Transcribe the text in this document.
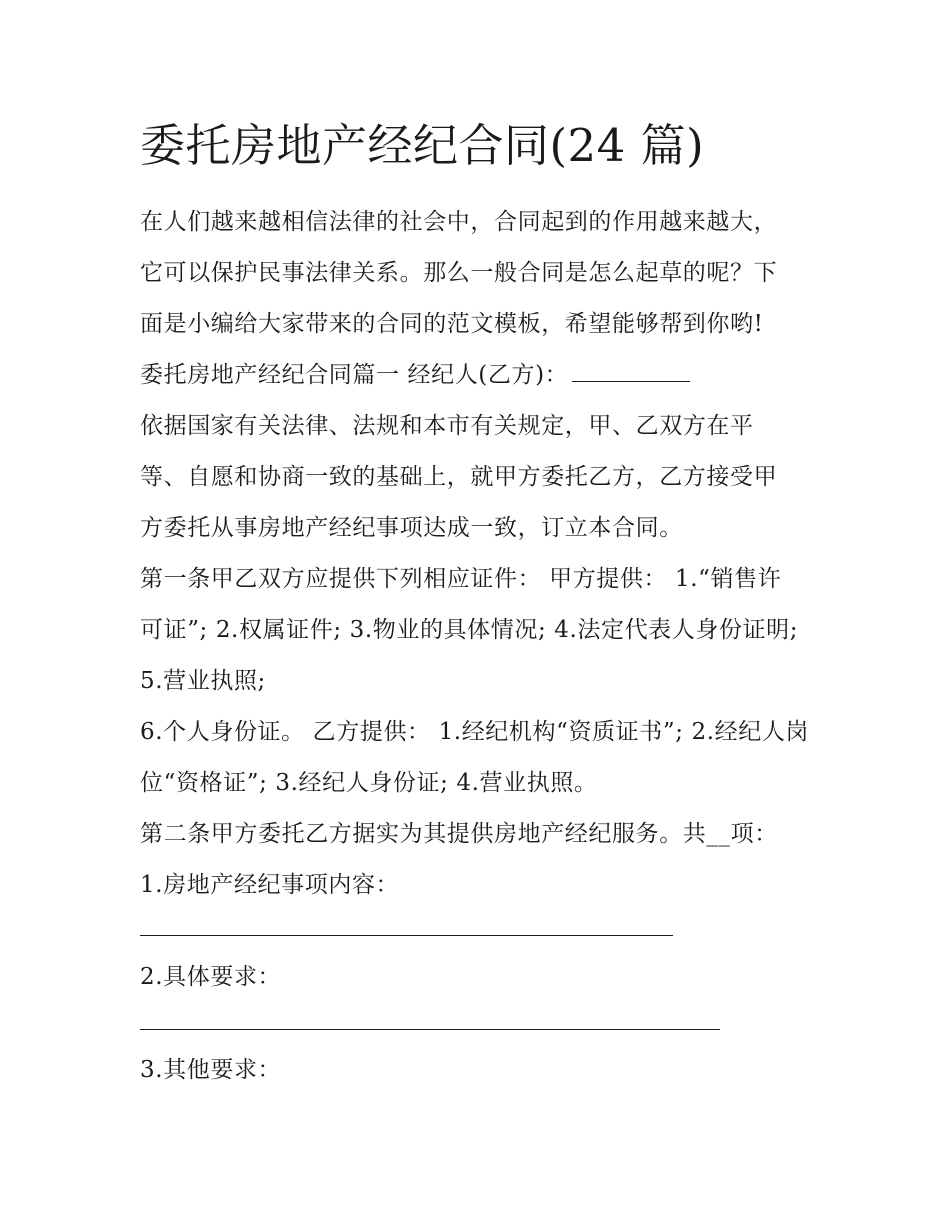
委托房地产经纪合同(24 篇)

在人们越来越相信法律的社会中，合同起到的作用越来越大，

它可以保护民事法律关系。那么一般合同是怎么起草的呢？下

面是小编给大家带来的合同的范文模板，希望能够帮到你哟!

委托房地产经纪合同篇一 经纪人(乙方)：

依据国家有关法律、法规和本市有关规定，甲、乙双方在平

等、自愿和协商一致的基础上，就甲方委托乙方，乙方接受甲

方委托从事房地产经纪事项达成一致，订立本合同。

第一条甲乙双方应提供下列相应证件： 甲方提供： 1.“销售许

可证”; 2.权属证件; 3.物业的具体情况; 4.法定代表人身份证明;

5.营业执照;

6.个人身份证。 乙方提供： 1.经纪机构“资质证书”; 2.经纪人岗

位“资格证”; 3.经纪人身份证; 4.营业执照。

第二条甲方委托乙方据实为其提供房地产经纪服务。共__项：

1.房地产经纪事项内容：

2.具体要求：

3.其他要求：
